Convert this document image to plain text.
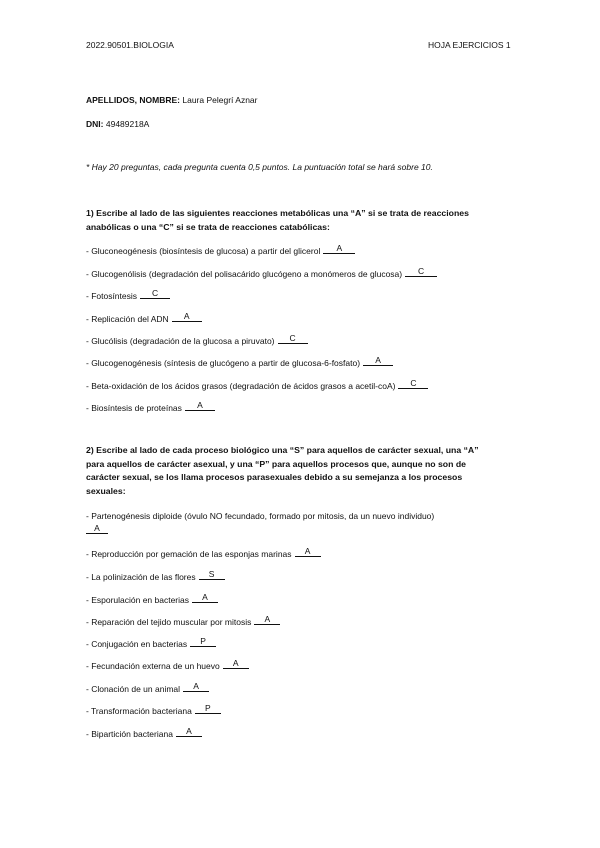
2022.90501.BIOLOGIA	HOJA EJERCICIOS 1
APELLIDOS, NOMBRE: Laura Pelegrí Aznar
DNI: 49489218A
* Hay 20 preguntas, cada pregunta cuenta 0,5 puntos. La puntuación total se hará sobre 10.
1) Escribe al lado de las siguientes reacciones metabólicas una “A” si se trata de reacciones
anabólicas o una “C” si se trata de reacciones catabólicas:
- Gluconeogénesis (biosíntesis de glucosa) a partir del glicerol A
- Glucogenólisis (degradación del polisacárido glucógeno a monómeros de glucosa) C
- Fotosíntesis C
- Replicación del ADN A
- Glucólisis (degradación de la glucosa a piruvato) C
- Glucogenogénesis (síntesis de glucógeno a partir de glucosa-6-fosfato) A
- Beta-oxidación de los ácidos grasos (degradación de ácidos grasos a acetil-coA) C
- Biosíntesis de proteínas A
2) Escribe al lado de cada proceso biológico una “S” para aquellos de carácter sexual, una “A”
para aquellos de carácter asexual, y una “P” para aquellos procesos que, aunque no son de
carácter sexual, se los llama procesos parasexuales debido a su semejanza a los procesos
sexuales:
- Partenogénesis diploide (óvulo NO fecundado, formado por mitosis, da un nuevo individuo)
A
- Reproducción por gemación de las esponjas marinas A
- La polinización de las flores S
- Esporulación en bacterias A
- Reparación del tejido muscular por mitosis A
- Conjugación en bacterias P
- Fecundación externa de un huevo A
- Clonación de un animal A
- Transformación bacteriana P
- Bipartición bacteriana A
